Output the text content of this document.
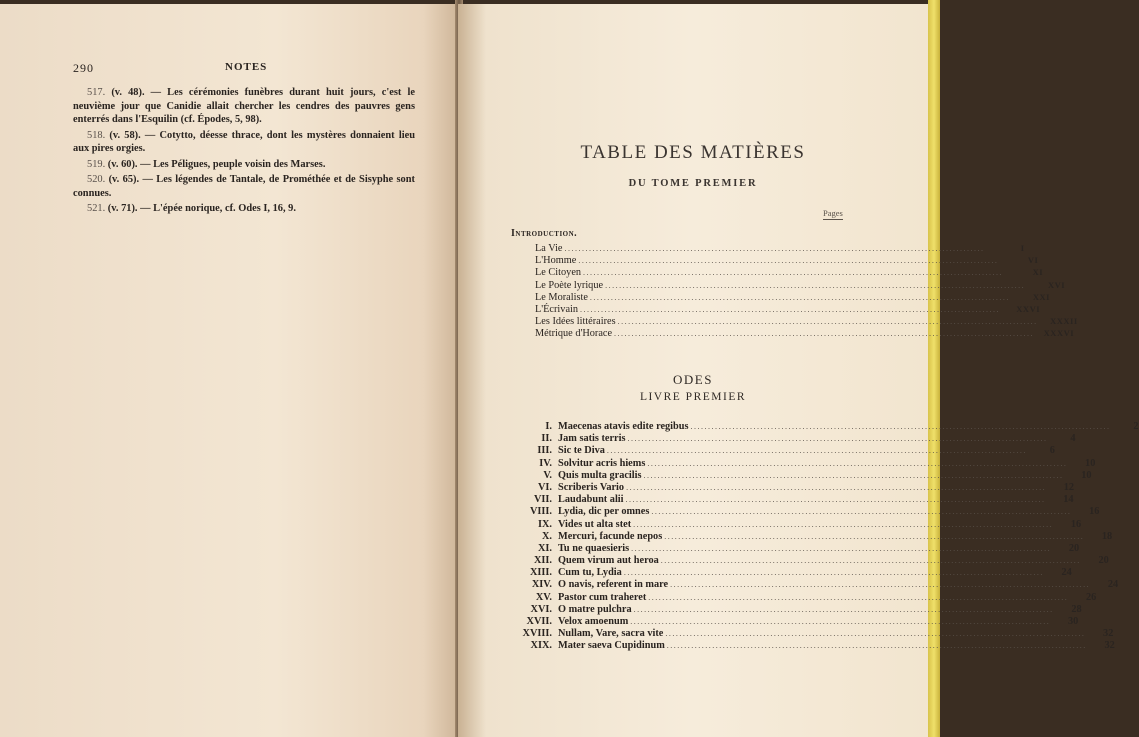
290	NOTES

517. (v. 48). — Les cérémonies funèbres durant huit jours, c'est le neuvième jour que Canidie allait chercher les cendres des pauvres gens enterrés dans l'Esquilin (cf. Épodes, 5, 98).

518. (v. 58). — Cotytto, déesse thrace, dont les mystères donnaient lieu aux pires orgies.

519. (v. 60). — Les Péligues, peuple voisin des Marses.

520. (v. 65). — Les légendes de Tantale, de Prométhée et de Sisyphe sont connues.

521. (v. 71). — L'épée norique, cf. Odes I, 16, 9.

TABLE DES MATIÈRES
DU TOME PREMIER
ODES
LIVRE PREMIER
Pages
Introduction.
La Vie ........................................................................................................................	I
L'Homme ........................................................................................................................	VI
Le Citoyen ........................................................................................................................	XI
Le Poète lyrique ........................................................................................................................	XVI
Le Moraliste ........................................................................................................................	XXI
L'Écrivain ........................................................................................................................	XXVI
Les Idées littéraires ........................................................................................................................	XXXII
Métrique d'Horace ........................................................................................................................	XXXVI
I. Maecenas atavis edite regibus ........................................................................................................................	2
II. Jam satis terris ........................................................................................................................	4
III. Sic te Diva ........................................................................................................................	6
IV. Solvitur acris hiems ........................................................................................................................	10
V. Quis multa gracilis ........................................................................................................................	10
VI. Scriberis Vario ........................................................................................................................	12
VII. Laudabunt alii ........................................................................................................................	14
VIII. Lydia, dic per omnes ........................................................................................................................	16
IX. Vides ut alta stet ........................................................................................................................	16
X. Mercuri, facunde nepos ........................................................................................................................	18
XI. Tu ne quaesieris ........................................................................................................................	20
XII. Quem virum aut heroa ........................................................................................................................	20
XIII. Cum tu, Lydia ........................................................................................................................	24
XIV. O navis, referent in mare ........................................................................................................................	24
XV. Pastor cum traheret ........................................................................................................................	26
XVI. O matre pulchra ........................................................................................................................	28
XVII. Velox amoenum ........................................................................................................................	30
XVIII. Nullam, Vare, sacra vite ........................................................................................................................	32
XIX. Mater saeva Cupidinum ........................................................................................................................	32
